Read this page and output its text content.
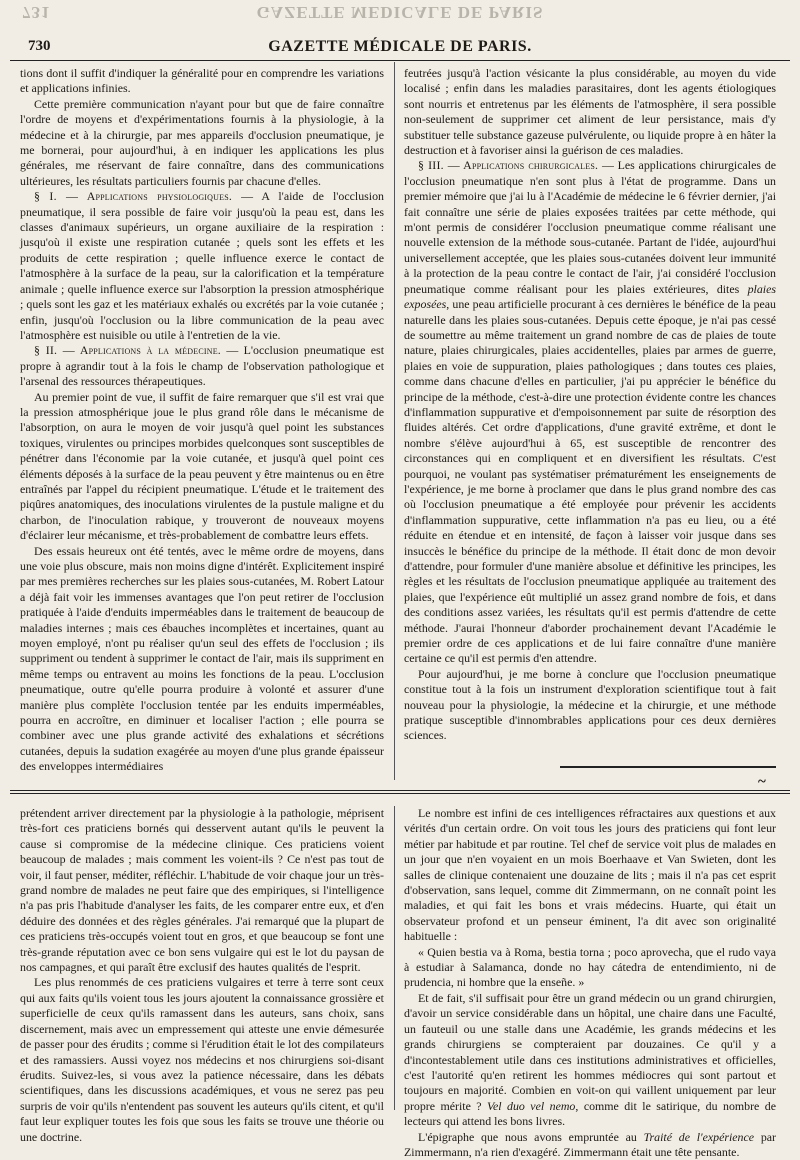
731	GAZETTE MEDICALE DE PARIS
730	GAZETTE MÉDICALE DE PARIS.

tions dont il suffit d'indiquer la généralité pour en comprendre les variations et applications infinies.

Cette première communication n'ayant pour but que de faire connaître l'ordre de moyens et d'expérimentations fournis à la physiologie, à la médecine et à la chirurgie, par mes appareils d'occlusion pneumatique, je me bornerai, pour aujourd'hui, à en indiquer les applications les plus générales, me réservant de faire connaître, dans des communications ultérieures, les résultats particuliers fournis par chacune d'elles.

§ I. — Applications physiologiques. — A l'aide de l'occlusion pneumatique, il sera possible de faire voir jusqu'où la peau est, dans les classes d'animaux supérieurs, un organe auxiliaire de la respiration : jusqu'où il existe une respiration cutanée ; quels sont les effets et les produits de cette respiration ; quelle influence exerce le contact de l'atmosphère à la surface de la peau, sur la calorification et la température animale ; quelle influence exerce sur l'absorption la pression atmosphérique ; quels sont les gaz et les matériaux exhalés ou excrétés par la voie cutanée ; enfin, jusqu'où l'occlusion ou la libre communication de la peau avec l'atmosphère est nuisible ou utile à l'entretien de la vie.

§ II. — Applications à la médecine. — L'occlusion pneumatique est propre à agrandir tout à la fois le champ de l'observation pathologique et l'arsenal des ressources thérapeutiques.

Au premier point de vue, il suffit de faire remarquer que s'il est vrai que la pression atmosphérique joue le plus grand rôle dans le mécanisme de l'absorption, on aura le moyen de voir jusqu'à quel point les substances toxiques, virulentes ou principes morbides quelconques sont susceptibles de pénétrer dans l'économie par la voie cutanée, et jusqu'à quel point ces éléments déposés à la surface de la peau peuvent y être maintenus ou en être entraînés par l'appel du récipient pneumatique. L'étude et le traitement des piqûres anatomiques, des inoculations virulentes de la pustule maligne et du charbon, de l'inoculation rabique, y trouveront de nouveaux moyens d'éclairer leur mécanisme, et très-probablement de combattre leurs effets.

Des essais heureux ont été tentés, avec le même ordre de moyens, dans une voie plus obscure, mais non moins digne d'intérêt. Explicitement inspiré par mes premières recherches sur les plaies sous-cutanées, M. Robert Latour a déjà fait voir les immenses avantages que l'on peut retirer de l'occlusion pratiquée à l'aide d'enduits imperméables dans le traitement de beaucoup de maladies internes ; mais ces ébauches incomplètes et incertaines, quant au moyen employé, n'ont pu réaliser qu'un seul des effets de l'occlusion ; ils suppriment ou tendent à supprimer le contact de l'air, mais ils suppriment en même temps ou entravent au moins les fonctions de la peau. L'occlusion pneumatique, outre qu'elle pourra produire à volonté et assurer d'une manière plus complète l'occlusion tentée par les enduits imperméables, pourra en accroître, en diminuer et localiser l'action ; elle pourra se combiner avec une plus grande activité des exhalations et sécrétions cutanées, depuis la sudation exagérée au moyen d'une plus grande épaisseur des enveloppes intermédiaires

feutrées jusqu'à l'action vésicante la plus considérable, au moyen du vide localisé ; enfin dans les maladies parasitaires, dont les agents étiologiques sont nourris et entretenus par les éléments de l'atmosphère, il sera possible non-seulement de supprimer cet aliment de leur persistance, mais d'y substituer telle substance gazeuse pulvérulente, ou liquide propre à en hâter la destruction et à favoriser ainsi la guérison de ces maladies.

§ III. — Applications chirurgicales. — Les applications chirurgicales de l'occlusion pneumatique n'en sont plus à l'état de programme. Dans un premier mémoire que j'ai lu à l'Académie de médecine le 6 février dernier, j'ai fait connaître une série de plaies exposées traitées par cette méthode, qui m'ont permis de considérer l'occlusion pneumatique comme réalisant une nouvelle extension de la méthode sous-cutanée. Partant de l'idée, aujourd'hui universellement acceptée, que les plaies sous-cutanées doivent leur immunité à la protection de la peau contre le contact de l'air, j'ai considéré l'occlusion pneumatique comme réalisant pour les plaies extérieures, dites plaies exposées, une peau artificielle procurant à ces dernières le bénéfice de la peau naturelle dans les plaies sous-cutanées. Depuis cette époque, je n'ai pas cessé de soumettre au même traitement un grand nombre de cas de plaies de toute nature, plaies chirurgicales, plaies accidentelles, plaies par armes de guerre, plaies en voie de suppuration, plaies pathologiques ; dans toutes ces plaies, comme dans chacune d'elles en particulier, j'ai pu apprécier le bénéfice du principe de la méthode, c'est-à-dire une protection évidente contre les chances d'inflammation suppurative et d'empoisonnement par suite de résorption des fluides altérés. Cet ordre d'applications, d'une gravité extrême, et dont le nombre s'élève aujourd'hui à 65, est susceptible de rencontrer des circonstances qui en compliquent et en diversifient les résultats. C'est pourquoi, ne voulant pas systématiser prématurément les enseignements de l'expérience, je me borne à proclamer que dans le plus grand nombre des cas où l'occlusion pneumatique a été employée pour prévenir les accidents d'inflammation suppurative, cette inflammation n'a pas eu lieu, ou a été réduite en étendue et en intensité, de façon à laisser voir jusque dans ses insuccès le bénéfice du principe de la méthode. Il était donc de mon devoir d'attendre, pour formuler d'une manière absolue et définitive les principes, les règles et les résultats de l'occlusion pneumatique appliquée au traitement des plaies, que l'expérience eût multiplié un assez grand nombre de fois, et dans des conditions assez variées, les résultats qu'il est permis d'attendre de cette méthode. J'aurai l'honneur d'aborder prochainement devant l'Académie le premier ordre de ces applications et de lui faire connaître d'une manière certaine ce qu'il est permis d'en attendre.

Pour aujourd'hui, je me borne à conclure que l'occlusion pneumatique constitue tout à la fois un instrument d'exploration scientifique tout à fait nouveau pour la physiologie, la médecine et la chirurgie, et une méthode pratique susceptible d'innombrables applications pour ces deux dernières sciences.

~

prétendent arriver directement par la physiologie à la pathologie, méprisent très-fort ces praticiens bornés qui desservent autant qu'ils le peuvent la cause si compromise de la médecine clinique. Ces praticiens voient beaucoup de malades ; mais comment les voient-ils ? Ce n'est pas tout de voir, il faut penser, méditer, réfléchir. L'habitude de voir chaque jour un très-grand nombre de malades ne peut faire que des empiriques, si l'intelligence n'a pas pris l'habitude d'analyser les faits, de les comparer entre eux, et d'en déduire des données et des règles générales. J'ai remarqué que la plupart de ces praticiens très-occupés voient tout en gros, et que beaucoup se font une très-grande réputation avec ce bon sens vulgaire qui est le lot du paysan de nos campagnes, et qui paraît être exclusif des hautes qualités de l'esprit.

Les plus renommés de ces praticiens vulgaires et terre à terre sont ceux qui aux faits qu'ils voient tous les jours ajoutent la connaissance grossière et superficielle de ceux qu'ils ramassent dans les auteurs, sans choix, sans discernement, mais avec un empressement qui atteste une envie démesurée de passer pour des érudits ; comme si l'érudition était le lot des compilateurs et des ramassiers. Aussi voyez nos médecins et nos chirurgiens soi-disant érudits. Suivez-les, si vous avez la patience nécessaire, dans les débats scientifiques, dans les discussions académiques, et vous ne serez pas peu surpris de voir qu'ils n'entendent pas souvent les auteurs qu'ils citent, et qu'il faut leur expliquer toutes les fois que sous les faits se trouve une théorie ou une doctrine.

Le nombre est infini de ces intelligences réfractaires aux questions et aux vérités d'un certain ordre. On voit tous les jours des praticiens qui font leur métier par habitude et par routine. Tel chef de service voit plus de malades en un jour que n'en voyaient en un mois Boerhaave et Van Swieten, dont les salles de clinique contenaient une douzaine de lits ; mais il n'a pas cet esprit d'observation, sans lequel, comme dit Zimmermann, on ne connaît point les maladies, et qui fait les bons et vrais médecins. Huarte, qui était un observateur profond et un penseur éminent, l'a dit avec son originalité habituelle :

« Quien bestia va à Roma, bestia torna ; poco aprovecha, que el rudo vaya à estudiar à Salamanca, donde no hay cátedra de entendimiento, ni de prudencia, ni hombre que la enseñe. »

Et de fait, s'il suffisait pour être un grand médecin ou un grand chirurgien, d'avoir un service considérable dans un hôpital, une chaire dans une Faculté, un fauteuil ou une stalle dans une Académie, les grands médecins et les grands chirurgiens se compteraient par douzaines. Ce qu'il y a d'incontestablement utile dans ces institutions administratives et officielles, c'est l'autorité qu'en retirent les hommes médiocres qui sont partout et toujours en majorité. Combien en voit-on qui vaillent uniquement par leur propre mérite ? Vel duo vel nemo, comme dit le satirique, du nombre de lecteurs qui attend les bons livres.

L'épigraphe que nous avons empruntée au Traité de l'expérience par Zimmermann, n'a rien d'exagéré. Zimmermann était une tête pensante.
